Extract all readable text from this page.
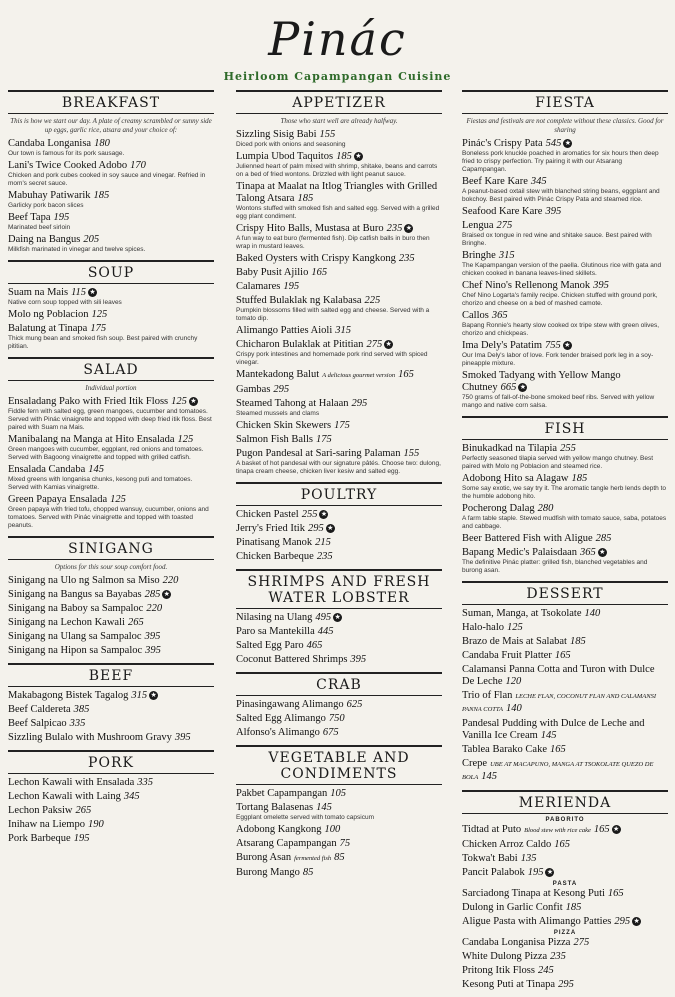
Pinác
Heirloom Capampangan Cuisine
BREAKFAST
This is how we start our day. A plate of creamy scrambled or sunny side up eggs, garlic rice, atsara and your choice of:
Candaba Longanisa 180
Our town is famous for its pork sausage.
Lani's Twice Cooked Adobo 170
Chicken and pork cubes cooked in soy sauce and vinegar. Refried in mom's secret sauce.
Mabuhay Patiwarik 185
Garlicky pork bacon slices
Beef Tapa 195
Marinated beef sirloin
Daing na Bangus 205
Milkfish marinated in vinegar and twelve spices.
SOUP
Suam na Mais 115 ★
Native corn soup topped with sili leaves
Molo ng Poblacion 125
Balatung at Tinapa 175
Thick mung bean and smoked fish soup. Best paired with crunchy pititian.
SALAD
Individual portion
Ensaladang Pako with Fried Itik Floss 125 ★
Fiddle fern with salted egg, green mangoes, cucumber and tomatoes. Served with Pinác vinaigrette and topped with deep fried itik floss. Best paired with Suam na Mais.
Manibalang na Manga at Hito Ensalada 125
Green mangoes with cucumber, eggplant, red onions and tomatoes. Served with Bagoong vinaigrette and topped with grilled catfish.
Ensalada Candaba 145
Mixed greens with longanisa chunks, kesong puti and tomatoes. Served with Kamias vinaigrette.
Green Papaya Ensalada 125
Green papaya with fried tofu, chopped wansuy, cucumber, onions and tomatoes. Served with Pinác vinaigrette and topped with toasted peanuts.
SINIGANG
Options for this sour soup comfort food.
Sinigang na Ulo ng Salmon sa Miso 220
Sinigang na Bangus sa Bayabas 285 ★
Sinigang na Baboy sa Sampaloc 220
Sinigang na Lechon Kawali 265
Sinigang na Ulang sa Sampaloc 395
Sinigang na Hipon sa Sampaloc 395
BEEF
Makabagong Bistek Tagalog 315 ★
Beef Caldereta 385
Beef Salpicao 335
Sizzling Bulalo with Mushroom Gravy 395
PORK
Lechon Kawali with Ensalada 335
Lechon Kawali with Laing 345
Lechon Paksiw 265
Inihaw na Liempo 190
Pork Barbeque 195
APPETIZER
Those who start well are already halfway.
Sizzling Sisig Babi 155
Diced pork with onions and seasoning
Lumpia Ubod Taquitos 185 ★
Julienned heart of palm mixed with shrimp, shitake, beans and carrots on a bed of fried wontons. Drizzled with light peanut sauce.
Tinapa at Maalat na Itlog Triangles with Grilled Talong Atsara 185
Wontons stuffed with smoked fish and salted egg. Served with a grilled egg plant condiment.
Crispy Hito Balls, Mustasa at Buro 235 ★
A fun way to eat buro (fermented fish). Dip catfish balls in buro then wrap in mustard leaves.
Baked Oysters with Crispy Kangkong 235
Baby Pusit Ajilio 165
Calamares 195
Stuffed Bulaklak ng Kalabasa 225
Pumpkin blossoms filled with salted egg and cheese. Served with a tomato dip.
Alimango Patties Aioli 315
Chicharon Bulaklak at Pititian 275 ★
Crispy pork intestines and homemade pork rind served with spiced vinegar.
Mantekadong Balut A delicious gourmet version 165
Gambas 295
Steamed Tahong at Halaan 295
Steamed mussels and clams
Chicken Skin Skewers 175
Salmon Fish Balls 175
Pugon Pandesal at Sari-saring Palaman 155
A basket of hot pandesal with our signature pâtés. Choose two: dulong, tinapa cream cheese, chicken liver kesiw and salted egg.
POULTRY
Chicken Pastel 255 ★
Jerry's Fried Itik 295 ★
Pinatisang Manok 215
Chicken Barbeque 235
SHRIMPS AND FRESH WATER LOBSTER
Nilasing na Ulang 495 ★
Paro sa Mantekilla 445
Salted Egg Paro 465
Coconut Battered Shrimps 395
CRAB
Pinasingawang Alimango 625
Salted Egg Alimango 750
Alfonso's Alimango 675
VEGETABLE AND CONDIMENTS
Pakbet Capampangan 105
Tortang Balasenas 145
Eggplant omelette served with tomato capsicum
Adobong Kangkong 100
Atsarang Capampangan 75
Burong Asan fermented fish 85
Burong Mango 85
FIESTA
Fiestas and festivals are not complete without these classics. Good for sharing
Pinác's Crispy Pata 545 ★
Boneless pork knuckle poached in aromatics for six hours then deep fried to crispy perfection. Try pairing it with our Atsarang Capampangan.
Beef Kare Kare 345
A peanut-based oxtail stew with blanched string beans, eggplant and bokchoy. Best paired with Pinác Crispy Pata and steamed rice.
Seafood Kare Kare 395
Lengua 275
Braised ox tongue in red wine and shitake sauce. Best paired with Bringhe.
Bringhe 315
The Kapampangan version of the paella. Glutinous rice with gata and chicken cooked in banana leaves-lined skillets.
Chef Nino's Rellenong Manok 395
Chef Nino Logarta's family recipe. Chicken stuffed with ground pork, chorizo and cheese on a bed of mashed camote.
Callos 365
Bapang Ronnie's hearty slow cooked ox tripe stew with green olives, chorizo and chickpeas.
Ima Dely's Patatim 755 ★
Our Ima Dely's labor of love. Fork tender braised pork leg in a soy-pineapple mixture.
Smoked Tadyang with Yellow Mango Chutney 665 ★
750 grams of fall-of-the-bone smoked beef ribs. Served with yellow mango and native corn salsa.
FISH
Binukadkad na Tilapia 255
Perfectly seasoned tilapia served with yellow mango chutney. Best paired with Molo ng Poblacion and steamed rice.
Adobong Hito sa Alagaw 185
Some say exotic, we say try it. The aromatic tangle herb lends depth to the humble adobong hito.
Pocherong Dalag 280
A farm table staple. Stewed mudfish with tomato sauce, saba, potatoes and cabbage.
Beer Battered Fish with Aligue 285
Bapang Medic's Palaisdaan 365 ★
The definitive Pinác platter: grilled fish, blanched vegetables and burong asan.
DESSERT
Suman, Manga, at Tsokolate 140
Halo-halo 125
Brazo de Mais at Salabat 185
Candaba Fruit Platter 165
Calamansi Panna Cotta and Turon with Dulce De Leche 120
Trio of Flan LECHE FLAN, COCONUT FLAN AND CALAMANSI PANNA COTTA 140
Pandesal Pudding with Dulce de Leche and Vanilla Ice Cream 145
Tablea Barako Cake 165
Crepe UBE AT MACAPUNO, MANGA AT TSOKOLATE QUEZO DE BOLA 145
MERIENDA
PABORITO
Tidtad at Puto Blood stew with rice cake 165 ★
Chicken Arroz Caldo 165
Tokwa't Babi 135
Pancit Palabok 195 ★
PASTA
Sarciadong Tinapa at Kesong Puti 165
Dulong in Garlic Confit 185
Aligue Pasta with Alimango Patties 295 ★
PIZZA
Candaba Longanisa Pizza 275
White Dulong Pizza 235
Pritong Itik Floss 245
Kesong Puti at Tinapa 295
